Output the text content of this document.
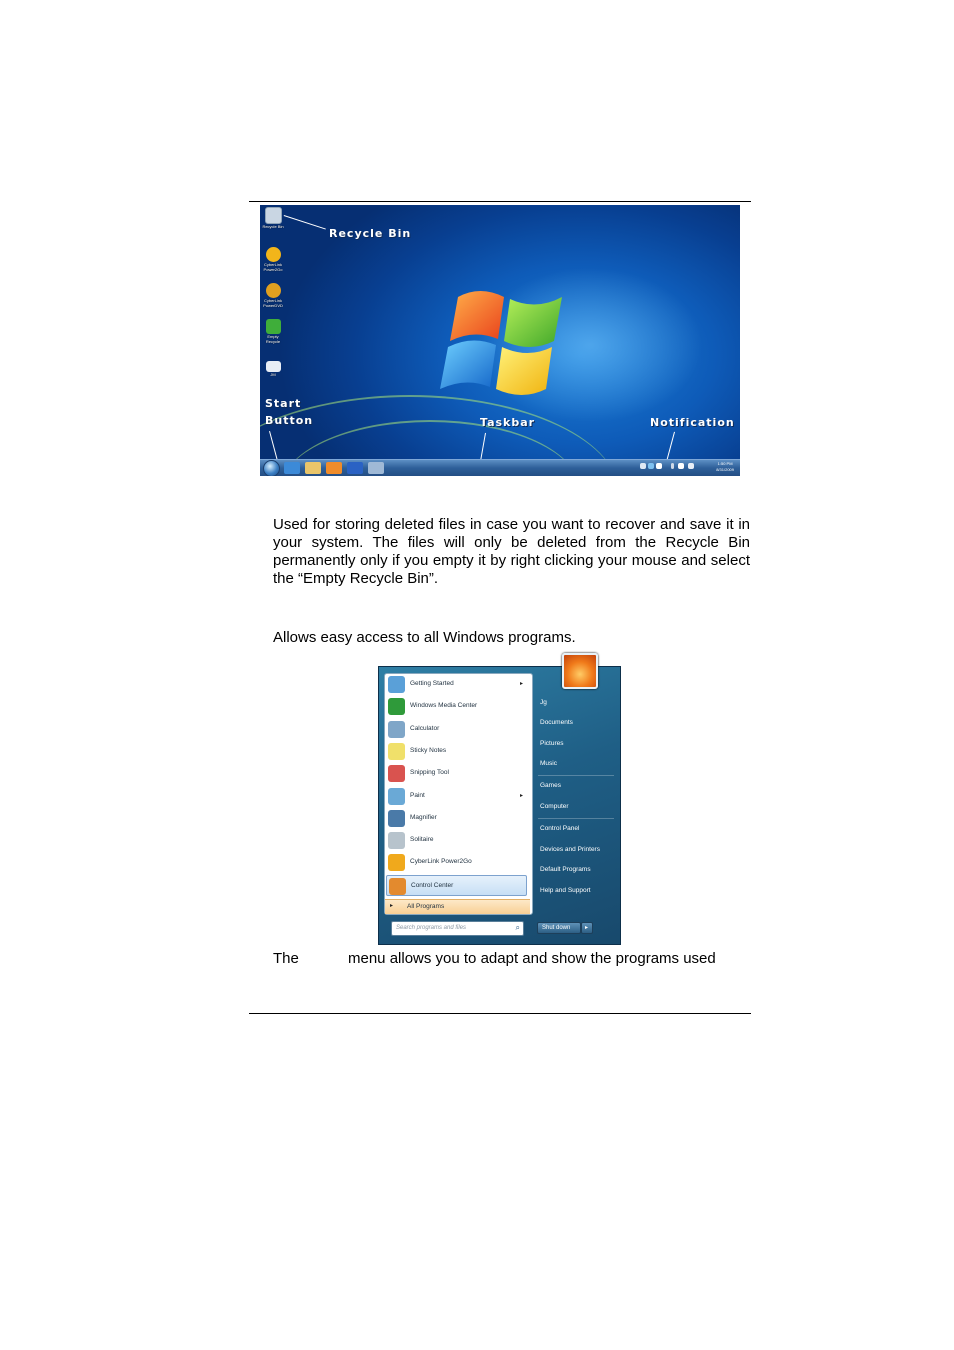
Recycle Bin
CyberLink Power2Go
CyberLink PowerDVD
Empty Recycle
JM
Recycle Bin
Start
Button	Taskbar	Notification
1:50 PM
8/31/2009

Used for storing deleted files in case you want to recover and save it in your system. The files will only be deleted from the Recycle Bin permanently only if you empty it by right clicking your mouse and select the “Empty Recycle Bin”.

Allows easy access to all Windows programs.

Getting Started	▸
Windows Media Center
Calculator
Sticky Notes
Snipping Tool
Paint	▸
Magnifier
Solitaire
CyberLink Power2Go
Control Center
▸ All Programs
Search programs and files	⌕
Jg
Documents
Pictures
Music
Games
Computer
Control Panel
Devices and Printers
Default Programs
Help and Support
Shut down ▸
The	menu allows you to adapt and show the programs used
